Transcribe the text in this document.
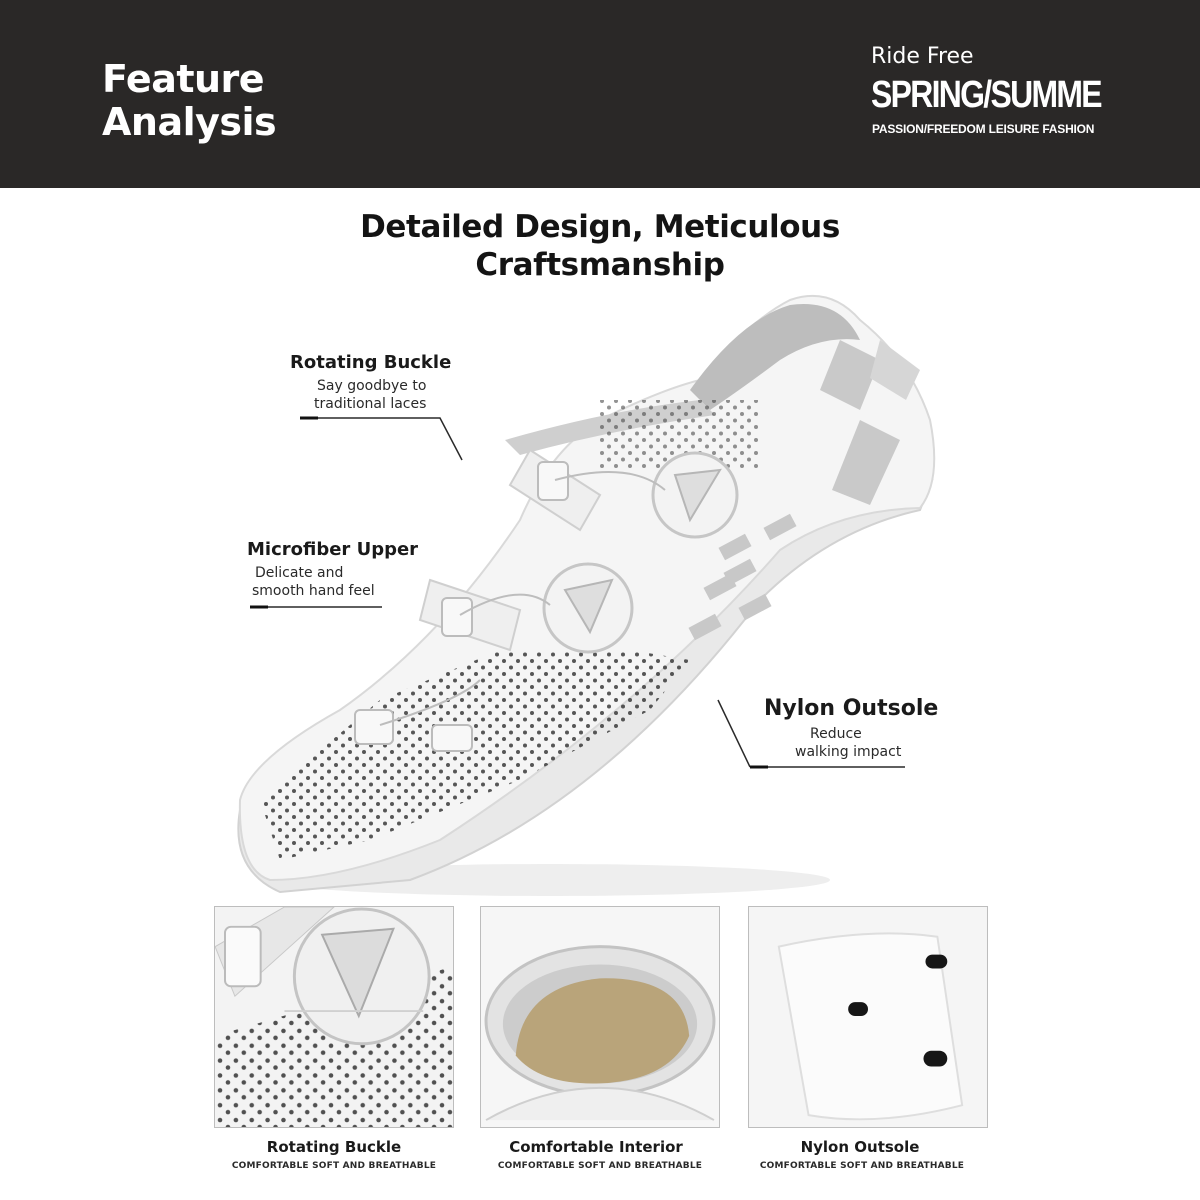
Feature
Analysis
Ride Free
SPRING/SUMME
PASSION/FREEDOM LEISURE FASHION
Detailed Design, Meticulous
Craftsmanship
Rotating Buckle
Say goodbye to
traditional laces
Microfiber Upper
Delicate and
smooth hand feel
Nylon Outsole
Reduce
walking impact
Rotating Buckle
COMFORTABLE SOFT AND BREATHABLE
Comfortable Interior
COMFORTABLE SOFT AND BREATHABLE
Nylon Outsole
COMFORTABLE SOFT AND BREATHABLE
